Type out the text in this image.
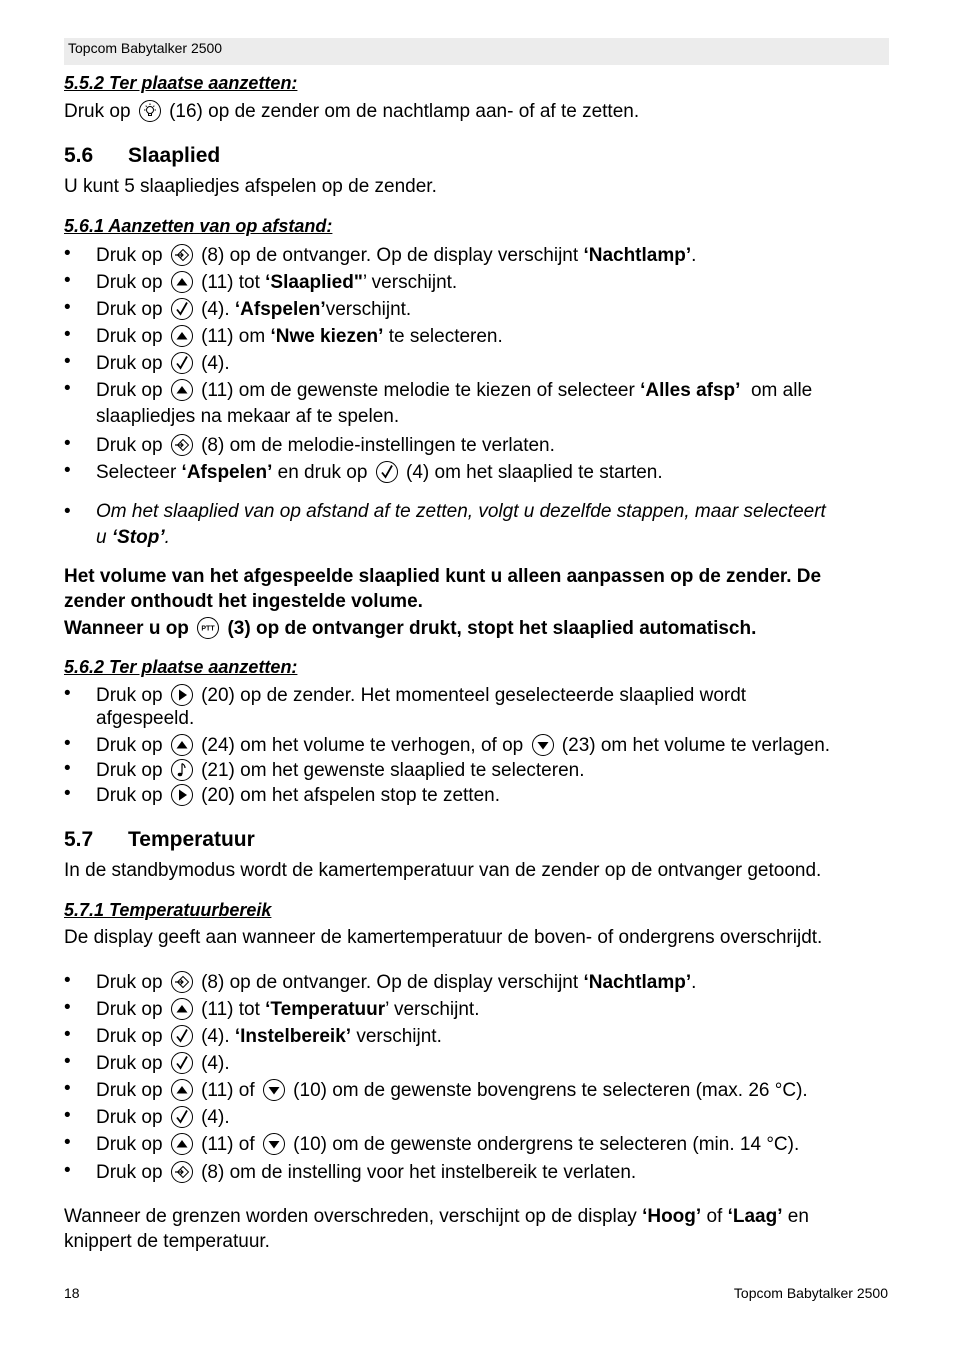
Topcom Babytalker 2500
5.5.2 Ter plaatse aanzetten:
Druk op (16) op de zender om de nachtlamp aan- of af te zetten.
5.6 Slaaplied
U kunt 5 slaapliedjes afspelen op de zender.
5.6.1 Aanzetten van op afstand:
• Druk op (8) op de ontvanger. Op de display verschijnt ‘Nachtlamp’.
• Druk op (11) tot ‘Slaaplied"’ verschijnt.
• Druk op (4). ‘Afspelen’verschijnt.
• Druk op (11) om ‘Nwe kiezen’ te selecteren.
• Druk op (4).
• Druk op (11) om de gewenste melodie te kiezen of selecteer ‘Alles afsp’  om alle
slaapliedjes na mekaar af te spelen.
• Druk op (8) om de melodie-instellingen te verlaten.
• Selecteer ‘Afspelen’ en druk op (4) om het slaaplied te starten.
• Om het slaaplied van op afstand af te zetten, volgt u dezelfde stappen, maar selecteert
u ‘Stop’.
Het volume van het afgespeelde slaaplied kunt u alleen aanpassen op de zender. De
zender onthoudt het ingestelde volume.
Wanneer u op (3) op de ontvanger drukt, stopt het slaaplied automatisch.
5.6.2 Ter plaatse aanzetten:
• Druk op (20) op de zender. Het momenteel geselecteerde slaaplied wordt
afgespeeld.
• Druk op (24) om het volume te verhogen, of op (23) om het volume te verlagen.
• Druk op (21) om het gewenste slaaplied te selecteren.
• Druk op (20) om het afspelen stop te zetten.
5.7 Temperatuur
In de standbymodus wordt de kamertemperatuur van de zender op de ontvanger getoond.
5.7.1 Temperatuurbereik
De display geeft aan wanneer de kamertemperatuur de boven- of ondergrens overschrijdt.
• Druk op (8) op de ontvanger. Op de display verschijnt ‘Nachtlamp’.
• Druk op (11) tot ‘Temperatuur’ verschijnt.
• Druk op (4). ‘Instelbereik’ verschijnt.
• Druk op (4).
• Druk op (11) of (10) om de gewenste bovengrens te selecteren (max. 26 °C).
• Druk op (4).
• Druk op (11) of (10) om de gewenste ondergrens te selecteren (min. 14 °C).
• Druk op (8) om de instelling voor het instelbereik te verlaten.
Wanneer de grenzen worden overschreden, verschijnt op de display ‘Hoog’ of ‘Laag’ en
knippert de temperatuur.
18	Topcom Babytalker 2500
